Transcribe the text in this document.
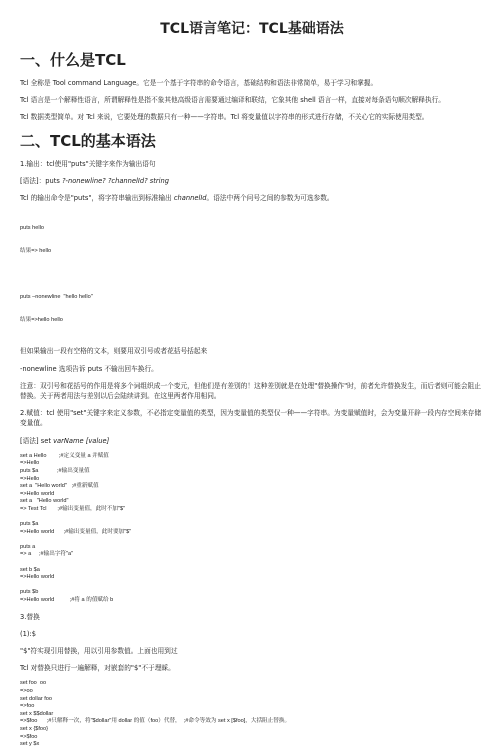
TCL语言笔记：TCL基础语法
一、什么是TCL

Tcl 全称是 Tool command Language。它是一个基于字符串的命令语言，基础结构和语法非常简单，易于学习和掌握。

Tcl 语言是一个解释性语言，所谓解释性是指不象其他高级语言需要通过编译和联结，它象其他 shell 语言一样，直接对每条语句顺次解释执行。

Tcl 数据类型简单。对 Tcl 来说，它要处理的数据只有一种——字符串。Tcl 将变量值以字符串的形式进行存储，不关心它的实际使用类型。

二、TCL的基本语法

1.输出：tcl使用"puts"关键字来作为输出语句

[语法]：puts ?-nonewline? ?channelId? string

Tcl 的输出命令是"puts"，将字符串输出到标准输出 channelId。语法中两个问号之间的参数为可选参数。

puts hello

结果=> hello

puts –nonewline  "hello hello"

结果=>hello hello

但如果输出一段有空格的文本，则要用双引号或者花括号括起来

-nonewline 选项告诉 puts 不输出回车换行。

注意：双引号和花括号的作用是将多个词组织成一个变元，但他们是有差别的！这种差别就是在处理"替换操作"时，前者允许替换发生，而后者则可能会阻止替换。关于两者用法与差别以后会陆续讲到。在这里两者作用相同。

2.赋值：tcl 使用"set"关键字来定义参数，不必指定变量值的类型，因为变量值的类型仅一种——字符串。为变量赋值时，会为变量开辟一段内存空间来存储变量值。

[语法] set varName [value]

set a Hello        ;#定义变量 a 并赋值
=>Hello
puts $a            ;#输出变量值
=>Hello
set a  "Hello world"   ;#重新赋值
=>Hello world
set a   "Hello world"
=> Test Tcl       ;#输出变量值，此时不加"$"

puts $a
=>Hello world      ;#输出变量值，此时要加"$"

puts a
=> a     ;#输出字符"a"

set b $a
=>Hello world

puts $b
=>Hello world          ;#将 a 的值赋给 b

3.替换

(1):$

"$"符实现引用替换，用以引用参数值。上面也用到过

Tcl 对替换只进行一遍解释，对嵌套的"$"不于理睬。

set foo  oo
=>oo
set dollar foo
=>foo
set x $$dollar
=>$foo      ;#只解释一次，将"$dollar"用 dollar 的值（foo）代替，  ;#命令等效为 set x [$foo]，大括阻止替换。
set x {$foo}
=>$foo
set y $x
